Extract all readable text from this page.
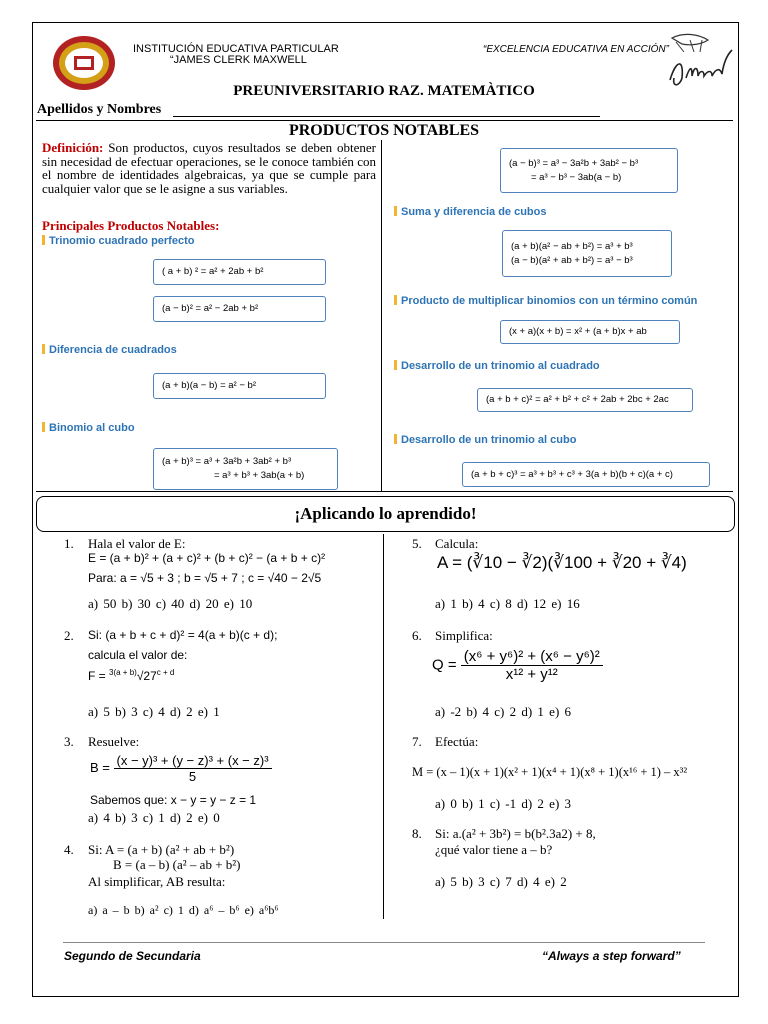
INSTITUCIÓN EDUCATIVA PARTICULAR
“JAMES CLERK MAXWELL
“EXCELENCIA EDUCATIVA EN ACCIÓN”
PREUNIVERSITARIO RAZ. MATEMÀTICO
Apellidos y Nombres
PRODUCTOS NOTABLES
Definición: Son productos, cuyos resultados se deben obtener sin necesidad de efectuar operaciones, se le conoce también con el nombre de identidades algebraicas, ya que se cumple para cualquier valor que se le asigne a sus variables.
Principales Productos Notables:
Trinomio cuadrado perfecto
( a + b) ² = a² + 2ab + b²
(a − b)² = a² − 2ab + b²
Diferencia de cuadrados
(a + b)(a − b) = a² − b²
Binomio al cubo
(a + b)³ = a³ + 3a²b + 3ab² + b³
= a³ + b³ + 3ab(a + b)
(a − b)³ = a³ − 3a²b + 3ab² − b³
= a³ − b³ − 3ab(a − b)
Suma y diferencia de cubos
(a + b)(a² − ab + b²) = a³ + b³
(a − b)(a² + ab + b²) = a³ − b³
Producto de multiplicar binomios con un término común
(x + a)(x + b) = x² + (a + b)x + ab
Desarrollo de un trinomio al cuadrado
(a + b + c)² = a² + b² + c² + 2ab + 2bc + 2ac
Desarrollo de un trinomio al cubo
(a + b + c)³ = a³ + b³ + c³ + 3(a + b)(b + c)(a + c)
¡Aplicando lo aprendido!
1. Hala el valor de E:
E = (a + b)² + (a + c)² + (b + c)² − (a + b + c)²
Para: a = √5 + 3 ; b = √5 + 7 ; c = √40 − 2√5
a) 50 b) 30 c) 40 d) 20 e) 10
2. Si: (a + b + c + d)² = 4(a + b)(c + d);
calcula el valor de:
$F = ^{3(a + b)}√27^{c + d}$
a) 5 b) 3 c) 4 d) 2 e) 1
3. Resuelve:
$B = \frac{\text{(x − y)³ + (y − z)³ + (x − z)³}}{5}$
Sabemos que: x − y = y − z = 1
a) 4 b) 3 c) 1 d) 2 e) 0
4. Si: A = (a + b) (a² + ab + b²)
B = (a – b) (a² – ab + b²)
Al simplificar, AB resulta:
a) a – b b) a² c) 1 d) a⁶ – b⁶ e) a⁶b⁶
5. Calcula:
A = (∛10 − ∛2)(∛100 + ∛20 + ∛4)
a) 1 b) 4 c) 8 d) 12 e) 16
6. Simplifica:
$Q = \frac{\text{(x⁶ + y⁶)² + (x⁶ − y⁶)²}}{\text{x¹² + y¹²}}$
a) -2 b) 4 c) 2 d) 1 e) 6
7. Efectúa:
M = (x – 1)(x + 1)(x² + 1)(x⁴ + 1)(x⁸ + 1)(x¹⁶ + 1) – x³²
a) 0 b) 1 c) -1 d) 2 e) 3
8. Si: a.(a² + 3b²) = b(b².3a2) + 8,
¿qué valor tiene a – b?
a) 5 b) 3 c) 7 d) 4 e) 2
Segundo de Secundaria	“Always a step forward”
